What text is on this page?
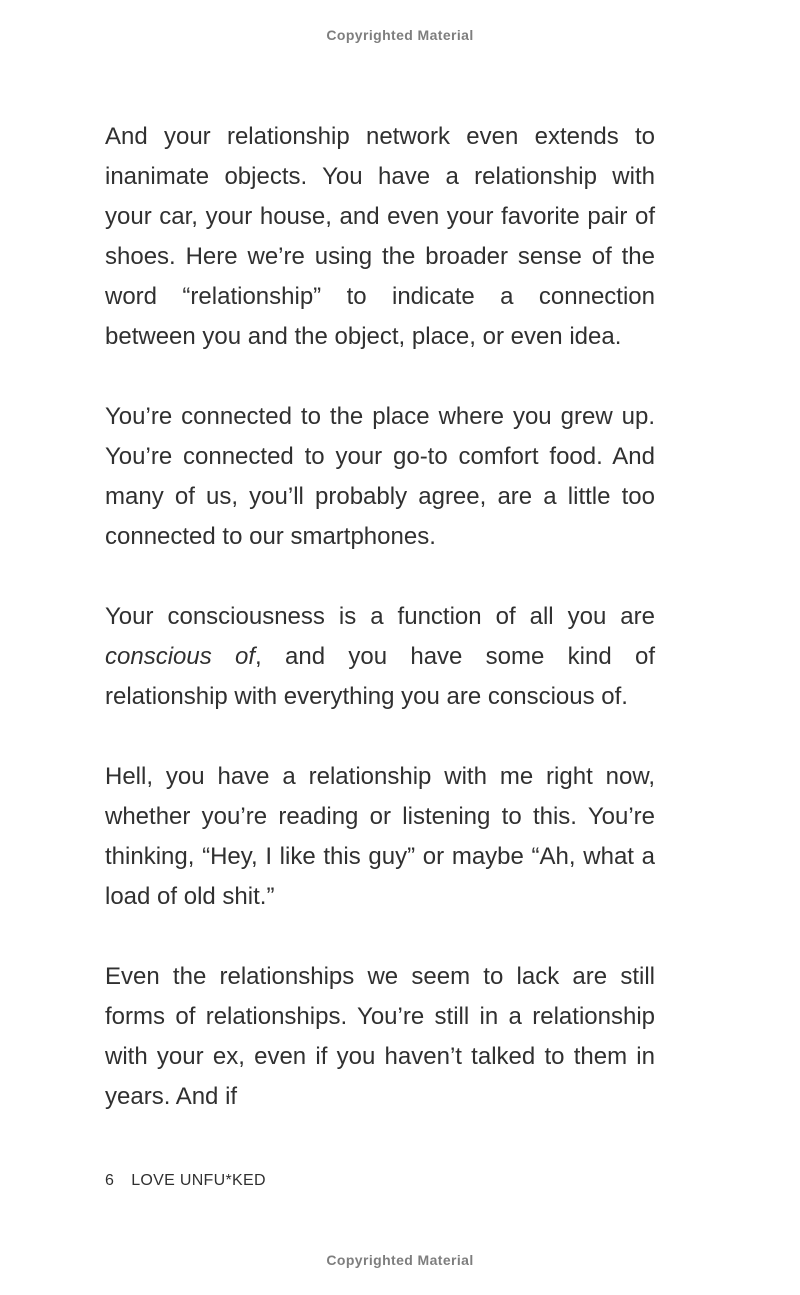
Copyrighted Material

And your relationship network even extends to inanimate objects. You have a relationship with your car, your house, and even your favorite pair of shoes. Here we’re using the broader sense of the word “relationship” to indicate a connection between you and the object, place, or even idea.

You’re connected to the place where you grew up. You’re connected to your go-to comfort food. And many of us, you’ll probably agree, are a little too connected to our smartphones.

Your consciousness is a function of all you are conscious of, and you have some kind of relationship with everything you are conscious of.

Hell, you have a relationship with me right now, whether you’re reading or listening to this. You’re thinking, “Hey, I like this guy” or maybe “Ah, what a load of old shit.”

Even the relationships we seem to lack are still forms of relationships. You’re still in a relationship with your ex, even if you haven’t talked to them in years. And if

6 LOVE UNFU*KED
Copyrighted Material
